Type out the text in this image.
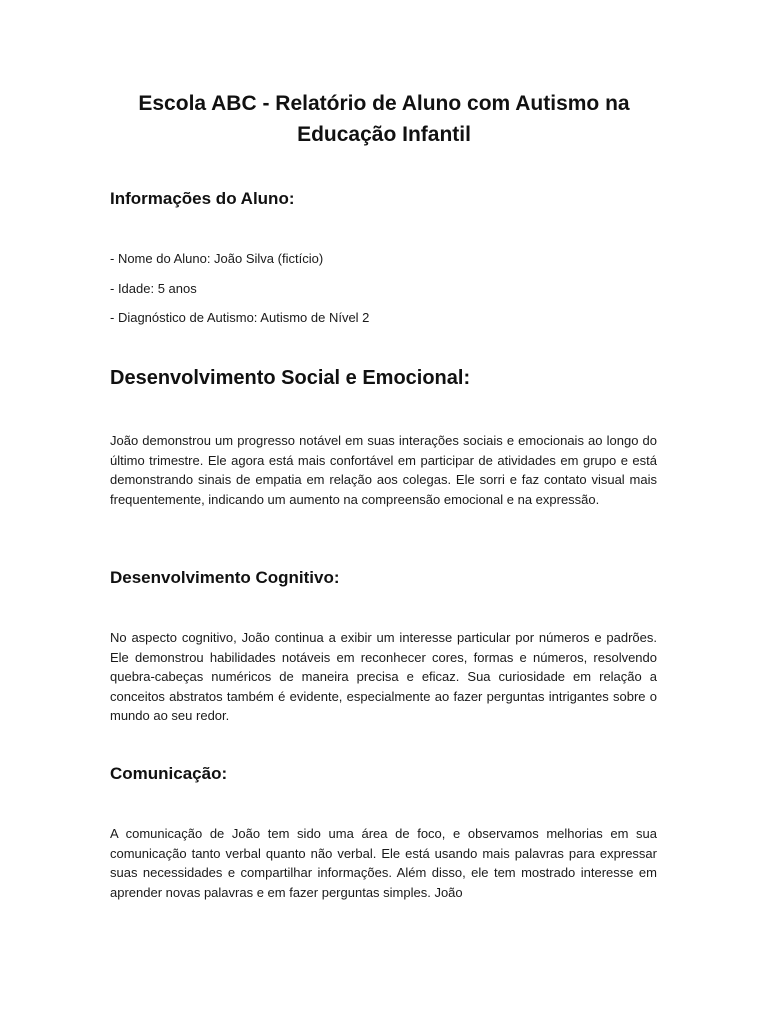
Escola ABC - Relatório de Aluno com Autismo na Educação Infantil
Informações do Aluno:

- Nome do Aluno: João Silva (fictício)

- Idade: 5 anos

- Diagnóstico de Autismo: Autismo de Nível 2

Desenvolvimento Social e Emocional:

João demonstrou um progresso notável em suas interações sociais e emocionais ao longo do último trimestre. Ele agora está mais confortável em participar de atividades em grupo e está demonstrando sinais de empatia em relação aos colegas. Ele sorri e faz contato visual mais frequentemente, indicando um aumento na compreensão emocional e na expressão.

Desenvolvimento Cognitivo:

No aspecto cognitivo, João continua a exibir um interesse particular por números e padrões. Ele demonstrou habilidades notáveis em reconhecer cores, formas e números, resolvendo quebra-cabeças numéricos de maneira precisa e eficaz. Sua curiosidade em relação a conceitos abstratos também é evidente, especialmente ao fazer perguntas intrigantes sobre o mundo ao seu redor.

Comunicação:

A comunicação de João tem sido uma área de foco, e observamos melhorias em sua comunicação tanto verbal quanto não verbal. Ele está usando mais palavras para expressar suas necessidades e compartilhar informações. Além disso, ele tem mostrado interesse em aprender novas palavras e em fazer perguntas simples. João
